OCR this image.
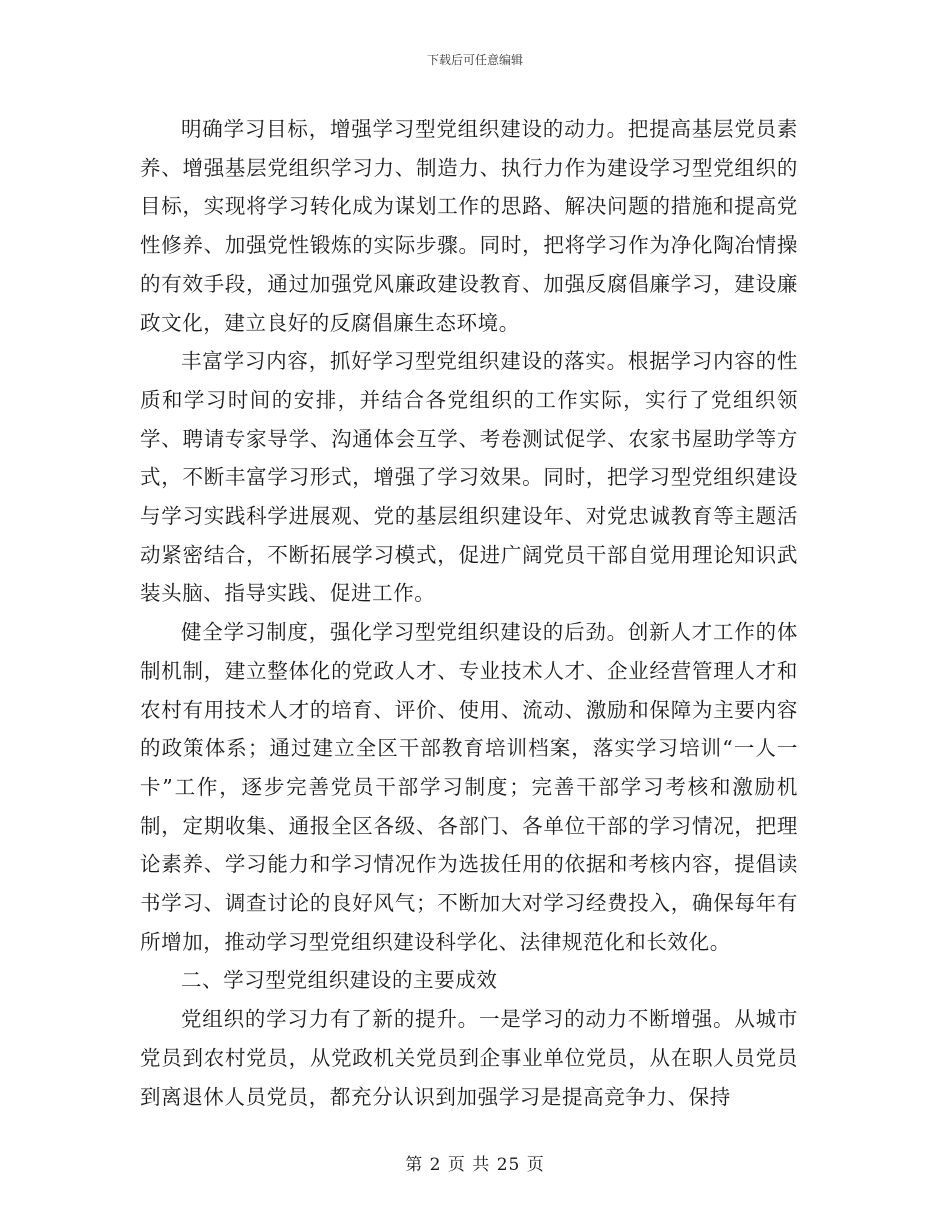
下载后可任意编辑

明确学习目标，增强学习型党组织建设的动力。把提高基层党员素养、增强基层党组织学习力、制造力、执行力作为建设学习型党组织的目标，实现将学习转化成为谋划工作的思路、解决问题的措施和提高党性修养、加强党性锻炼的实际步骤。同时，把将学习作为净化陶冶情操的有效手段，通过加强党风廉政建设教育、加强反腐倡廉学习，建设廉政文化，建立良好的反腐倡廉生态环境。

丰富学习内容，抓好学习型党组织建设的落实。根据学习内容的性质和学习时间的安排，并结合各党组织的工作实际，实行了党组织领学、聘请专家导学、沟通体会互学、考卷测试促学、农家书屋助学等方式，不断丰富学习形式，增强了学习效果。同时，把学习型党组织建设与学习实践科学进展观、党的基层组织建设年、对党忠诚教育等主题活动紧密结合，不断拓展学习模式，促进广阔党员干部自觉用理论知识武装头脑、指导实践、促进工作。

健全学习制度，强化学习型党组织建设的后劲。创新人才工作的体制机制，建立整体化的党政人才、专业技术人才、企业经营管理人才和农村有用技术人才的培育、评价、使用、流动、激励和保障为主要内容的政策体系；通过建立全区干部教育培训档案，落实学习培训“一人一卡”工作，逐步完善党员干部学习制度；完善干部学习考核和激励机制，定期收集、通报全区各级、各部门、各单位干部的学习情况，把理论素养、学习能力和学习情况作为选拔任用的依据和考核内容，提倡读书学习、调查讨论的良好风气；不断加大对学习经费投入，确保每年有所增加，推动学习型党组织建设科学化、法律规范化和长效化。

二、学习型党组织建设的主要成效

党组织的学习力有了新的提升。一是学习的动力不断增强。从城市党员到农村党员，从党政机关党员到企事业单位党员，从在职人员党员到离退休人员党员，都充分认识到加强学习是提高竞争力、保持

第 2 页 共 25 页
